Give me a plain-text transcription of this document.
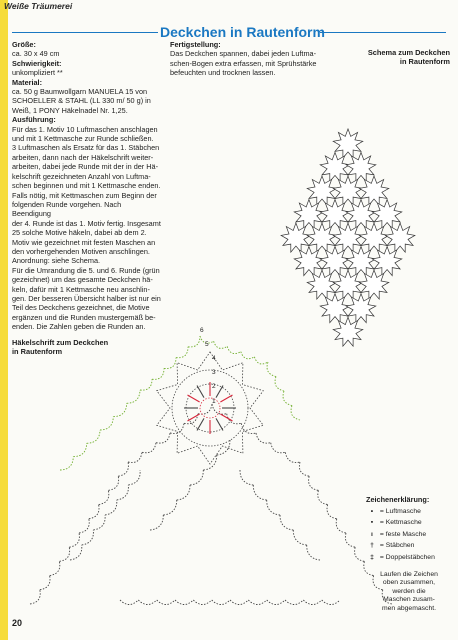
Weiße Träumerei
Deckchen in Rautenform
Größe:
ca. 30 x 49 cm
Schwierigkeit:
unkompliziert **
Material:
ca. 50 g Baumwollgarn MANUELA 15 von
SCHOELLER & STAHL (LL 330 m/ 50 g) in
Weiß, 1 PONY Häkelnadel Nr. 1,25.
Ausführung:
Für das 1. Motiv 10 Luftmaschen anschlagen
und mit 1 Kettmasche zur Runde schließen.
3 Luftmaschen als Ersatz für das 1. Stäbchen
arbeiten, dann nach der Häkelschrift weiter-
arbeiten, dabei jede Runde mit der in der Hä-
kelschrift gezeichneten Anzahl von Luftma-
schen beginnen und mit 1 Kettmasche enden.
Falls nötig, mit Kettmaschen zum Beginn der
folgenden Runde vorgehen. Nach Beendigung
der 4. Runde ist das 1. Motiv fertig. Insgesamt
25 solche Motive häkeln, dabei ab dem 2.
Motiv wie gezeichnet mit festen Maschen an
den vorhergehenden Motiven anschlingen.
Anordnung: siehe Schema.
Für die Umrandung die 5. und 6. Runde (grün
gezeichnet) um das gesamte Deckchen hä-
keln, dafür mit 1 Kettmasche neu anschlin-
gen. Der besseren Übersicht halber ist nur ein
Teil des Deckchens gezeichnet, die Motive
ergänzen und die Runden mustergemäß be-
enden. Die Zahlen geben die Runden an.
Fertigstellung:
Das Deckchen spannen, dabei jeden Luftma-
schen-Bogen extra erfassen, mit Sprühstärke
befeuchten und trocknen lassen.
Schema zum Deckchen
in Rautenform
Häkelschrift zum Deckchen
in Rautenform
1
2
3
4
5
6
Zeichenerklärung:
• = Luftmasche
▪ = Kettmasche
ı = feste Masche
† = Stäbchen
‡ = Doppelstäbchen
Laufen die Zeichen
oben zusammen,
werden die
Maschen zusam-
men abgemascht.
20
